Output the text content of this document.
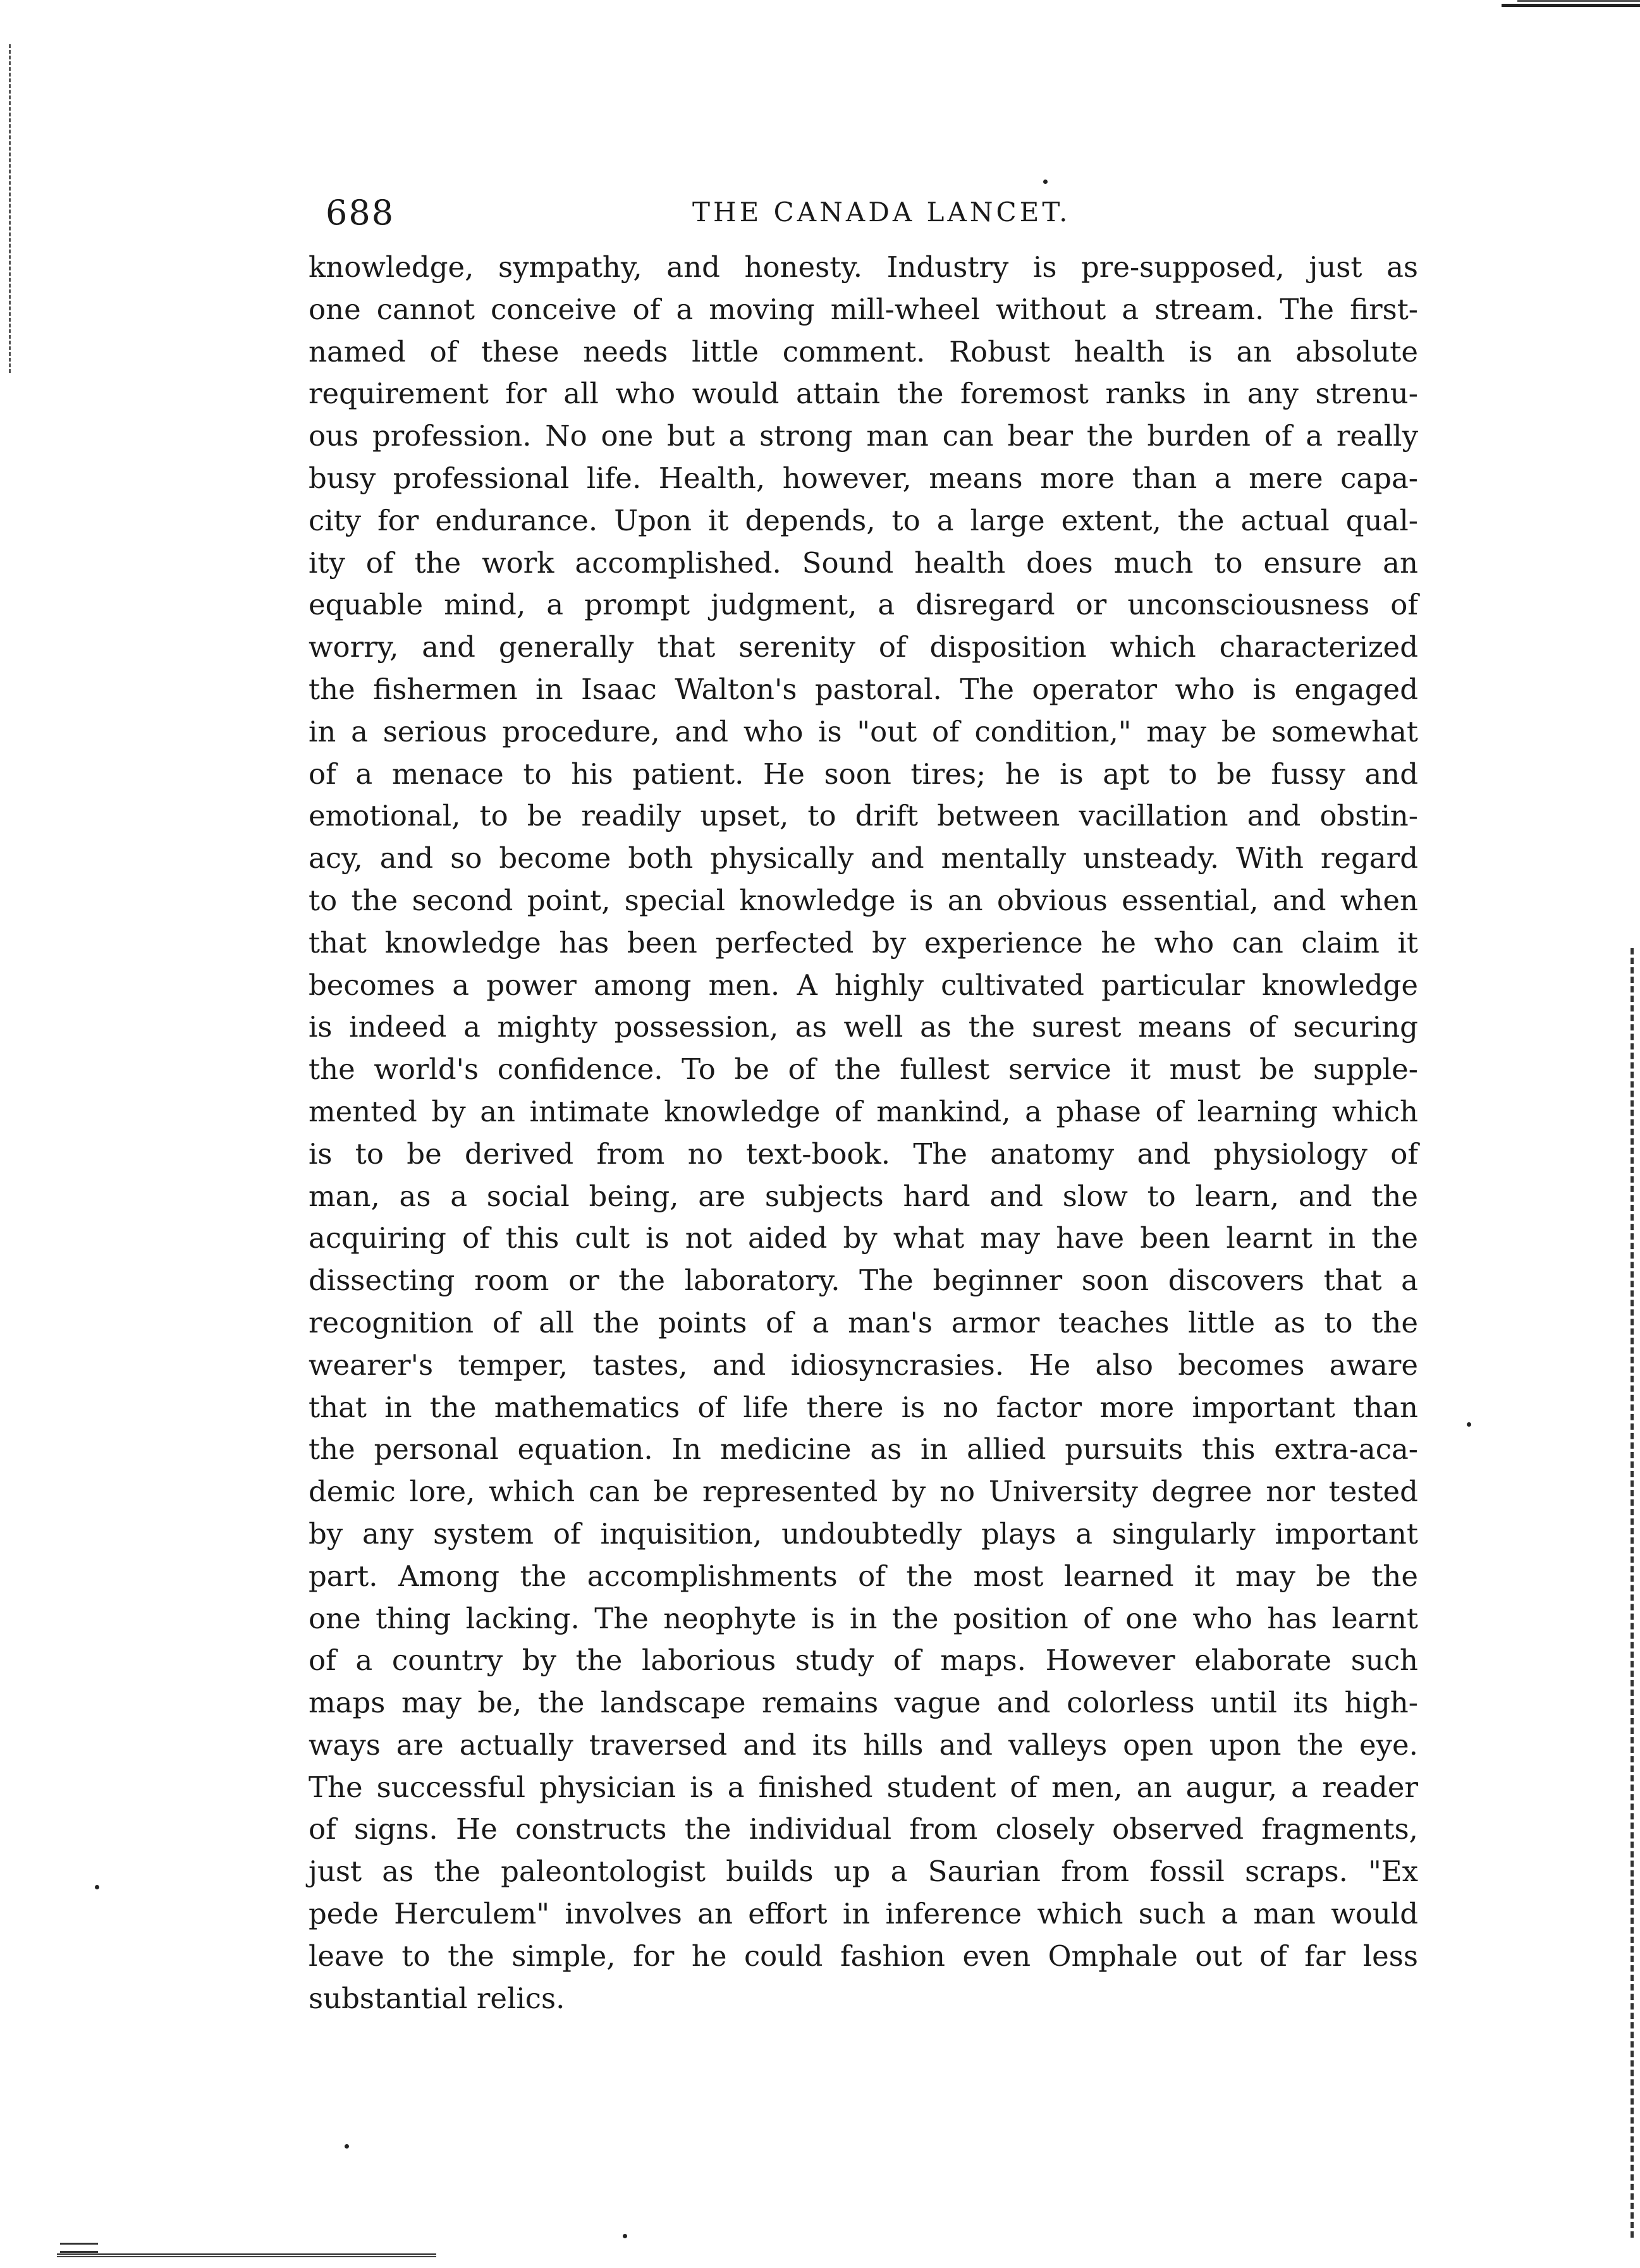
688	THE CANADA LANCET.
knowledge, sympathy, and honesty. Industry is pre-supposed, just as
one cannot conceive of a moving mill-wheel without a stream. The first-
named of these needs little comment. Robust health is an absolute
requirement for all who would attain the foremost ranks in any strenu-
ous profession. No one but a strong man can bear the burden of a really
busy professional life. Health, however, means more than a mere capa-
city for endurance. Upon it depends, to a large extent, the actual qual-
ity of the work accomplished. Sound health does much to ensure an
equable mind, a prompt judgment, a disregard or unconsciousness of
worry, and generally that serenity of disposition which characterized
the fishermen in Isaac Walton's pastoral. The operator who is engaged
in a serious procedure, and who is "out of condition," may be somewhat
of a menace to his patient. He soon tires; he is apt to be fussy and
emotional, to be readily upset, to drift between vacillation and obstin-
acy, and so become both physically and mentally unsteady. With regard
to the second point, special knowledge is an obvious essential, and when
that knowledge has been perfected by experience he who can claim it
becomes a power among men. A highly cultivated particular knowledge
is indeed a mighty possession, as well as the surest means of securing
the world's confidence. To be of the fullest service it must be supple-
mented by an intimate knowledge of mankind, a phase of learning which
is to be derived from no text-book. The anatomy and physiology of
man, as a social being, are subjects hard and slow to learn, and the
acquiring of this cult is not aided by what may have been learnt in the
dissecting room or the laboratory. The beginner soon discovers that a
recognition of all the points of a man's armor teaches little as to the
wearer's temper, tastes, and idiosyncrasies. He also becomes aware
that in the mathematics of life there is no factor more important than
the personal equation. In medicine as in allied pursuits this extra-aca-
demic lore, which can be represented by no University degree nor tested
by any system of inquisition, undoubtedly plays a singularly important
part. Among the accomplishments of the most learned it may be the
one thing lacking. The neophyte is in the position of one who has learnt
of a country by the laborious study of maps. However elaborate such
maps may be, the landscape remains vague and colorless until its high-
ways are actually traversed and its hills and valleys open upon the eye.
The successful physician is a finished student of men, an augur, a reader
of signs. He constructs the individual from closely observed fragments,
just as the paleontologist builds up a Saurian from fossil scraps. "Ex
pede Herculem" involves an effort in inference which such a man would
leave to the simple, for he could fashion even Omphale out of far less
substantial relics.
